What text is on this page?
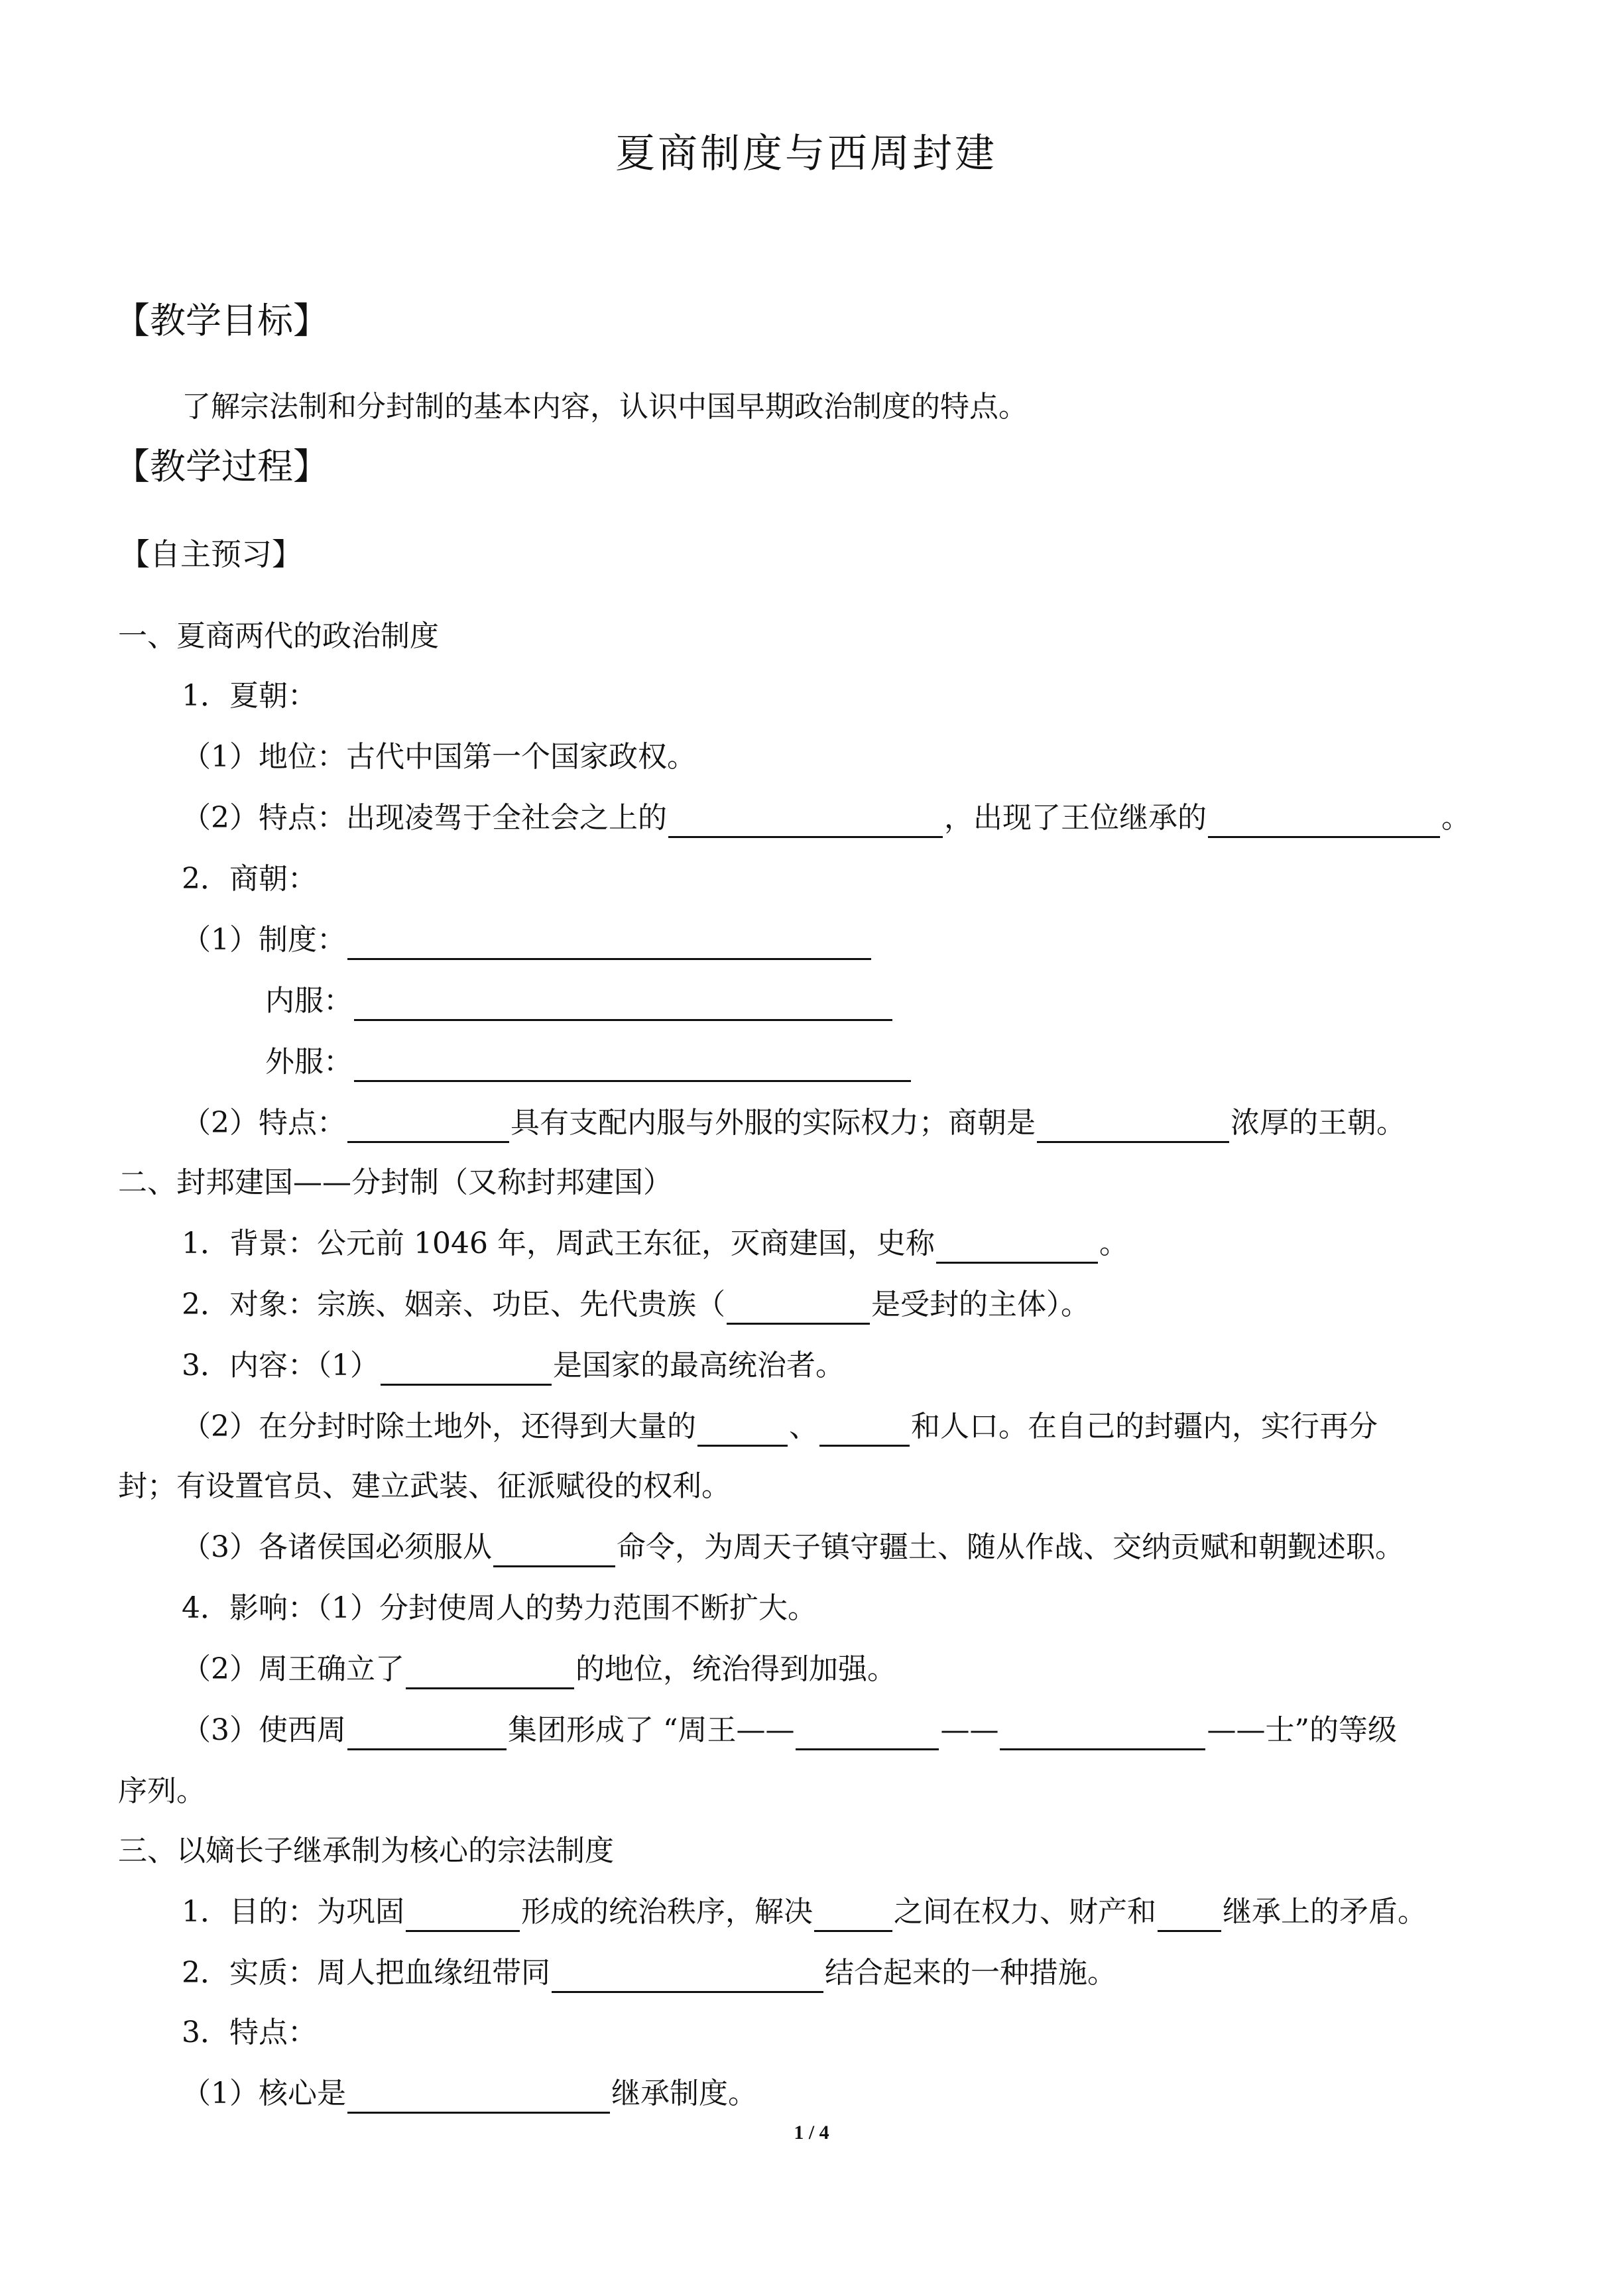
夏商制度与西周封建
【教学目标】
了解宗法制和分封制的基本内容，认识中国早期政治制度的特点。
【教学过程】
【自主预习】
一、夏商两代的政治制度
1．夏朝：
（1）地位：古代中国第一个国家政权。
（2）特点：出现凌驾于全社会之上的	，出现了王位继承的	。
2．商朝：
（1）制度：
内服：
外服：
（2）特点：	具有支配内服与外服的实际权力；商朝是	浓厚的王朝。
二、封邦建国——分封制（又称封邦建国）
1．背景：公元前 1046 年，周武王东征，灭商建国，史称	。
2．对象：宗族、姻亲、功臣、先代贵族（	是受封的主体）。
3．内容：（1）	是国家的最高统治者。
（2）在分封时除土地外，还得到大量的	、	和人口。在自己的封疆内，实行再分
封；有设置官员、建立武装、征派赋役的权利。
（3）各诸侯国必须服从	命令，为周天子镇守疆土、随从作战、交纳贡赋和朝觐述职。
4．影响：（1）分封使周人的势力范围不断扩大。
（2）周王确立了	的地位，统治得到加强。
（3）使西周	集团形成了 “周王——	——	——士”的等级
序列。
三、以嫡长子继承制为核心的宗法制度
1．目的：为巩固	形成的统治秩序，解决	之间在权力、财产和 继承上的矛盾。
2．实质：周人把血缘纽带同	结合起来的一种措施。
3．特点：
（1）核心是	继承制度。
1 / 4
